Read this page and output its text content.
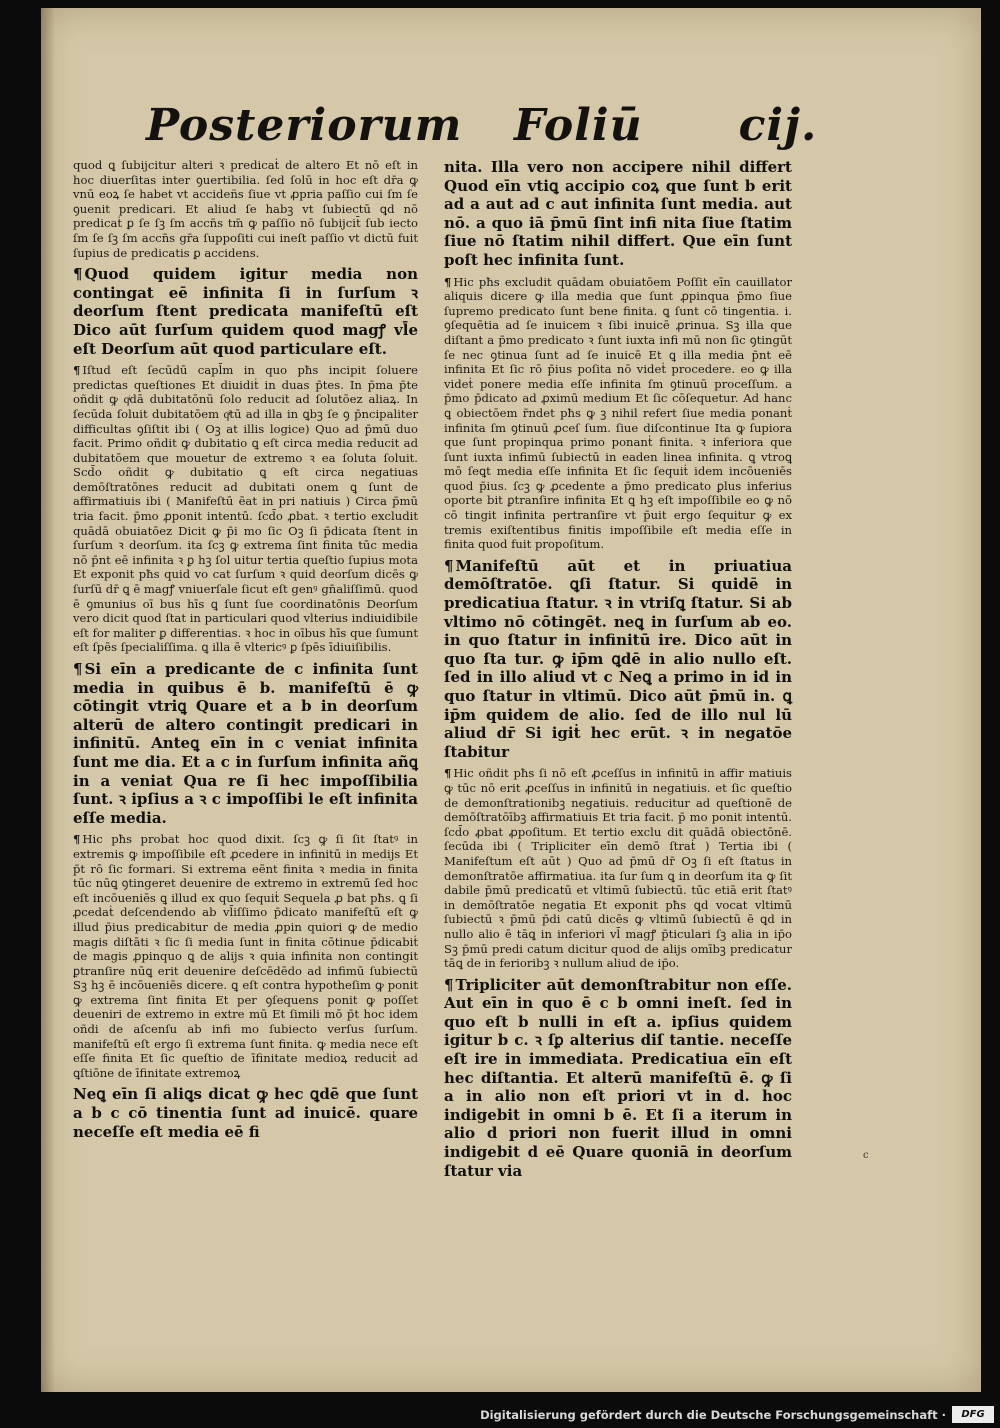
Posteriorum Foliū cij.

quod ꝗ ſubijcitur alteri ꝛ predicaṫ de altero Et nō eſt in hoc diuerſitas inter ꝯuertibilia. ſed ſolū in hoc eſt dr̄a ꝙ vnū eoꝝ ſe habet vt accideñs ſiue vt ꝓpria paſſio cui ſm ſe ꝯuenit predicari. Et aliud ſe habꝫ vt ſubiectū ꝗd nō predicaṫ ꝑ ſe ſꝫ ſm accn̄s tm̄ ꝙ paſſio nō ſubijcit̄ ſub iecto ſm ſe ſꝫ ſm accn̄s gr̄a ſuppoſiti cui ineſt paſſio vt dictū fuit ſupius de predicatis ꝑ accidens.

¶ Quod quidem igitur media non contingat eē infinita ſi in ſurſum ꝛ deorſum ſtent predicata manifeſtū eſt Dico aūt ſurſum quidem quod magꝭ vl̄e eſt Deorſum aūt quod particulare eſt.

¶ Iſtud eſt ſecūdū capl̄m in quo pħs incipit ſoluere predictas queſtiones Et diuidiṫ in duas p̄tes. In p̄ma p̄te oñdit ꝙ qͥdā dubitatōnū ſolo reducit ad ſolutōez aliaꝝ. In ſecūda ſoluit dubitatōem qͥtū ad illa in ꝗbꝫ ſe ꝯ p̄ncipaliter difficultas ꝯſiſtit ibi ( Oꝫ at illis logice) Quo ad p̄mū duo facit. Primo oñdit ꝙ dubitatio ꝗ eſt circa media reducit ad dubitatōem que mouetur de extremo ꝛ ea ſoluta ſoluit. Scd̄o oñdit ꝙ dubitatio ꝗ eſt circa negatiuas demōſtratōnes reducit ad dubitati onem ꝗ ſunt de affirmatiuis ibi ( Manifeſtū ēat in pri natiuis ) Circa p̄mū tria facit. p̄mo ꝓponit intentū. ſcd̄o ꝓbat. ꝛ tertio excludit quādā obuiatōez Dicit ꝙ p̄i mo ſic Oꝫ ſi p̄dicata ſtent in ſurſum ꝛ deorſum. ita ſcꝫ ꝙ extrema ſint finita tūc media nō p̄nt eē infinita ꝛ ꝑ hꝫ ſol uitur tertia queſtio ſupius mota Et exponit pħs quid vo cat ſurſum ꝛ quid deorſum dicēs ꝙ ſurſū dr̄ ꝗ ē magꝭ vniuerſale ſicut eſt genꝰ gn̄aliſſimū. quod ē ꝯmunius oī bus hīs ꝗ ſunt ſue coordinatōnis Deorſum vero dicit quod ſtat in particulari quod vlterius indiuidibile eſt for maliter ꝑ differentias. ꝛ hoc in oībus hīs que ſumunt eſt ſpēs ſpecialiſſima. ꝗ illa ē vltericꝰ ꝑ ſpēs īdiuiſibilis.

¶ Si eīn a predicante de c infinita ſunt media in quibus ē b. manifeſtū ē ꝙ cōtingit vtriꝗ Quare et a b in deorſum alterū de altero contingit predicari in infinitū. Anteꝗ eīn in c veniat infinita ſunt me dia. Et a c in ſurſum infinita añꝗ in a veniat Qua re ſi hec impoſſibilia ſunt. ꝛ ipſius a ꝛ c impoſſibi le eſt infinita eſſe media.

¶ Hic pħs probat hoc quod dixit. ſcꝫ ꝙ ſi ſit ſtatꝰ in extremis ꝙ impoſſibile eſt ꝓcedere in infinitū in medijs Et p̄t rō ſic formari. Si extrema eēnt finita ꝛ media in finita tūc nūꝗ ꝯtingeret deuenire de extremo in extremū ſed hoc eſt incōueniēs ꝗ illud ex quo ſequiṫ Sequela ꝓ bat pħs. ꝗ ſi ꝓcedaṫ deſcendendo ab vl̄iſſimo p̄dicato manifeſtū eſt ꝙ illud p̄ius predicabitur de media ꝓpin quiori ꝙ de medio magis diſtāti ꝛ ſic ſi media ſunt in finita cōtinue p̄dicabiṫ de magis ꝓpinquo ꝗ de alijs ꝛ quia infinita non contingit ꝑtranſire nūꝗ erit deuenire deſcēdēdo ad infimū ſubiectū Sꝫ hꝫ ē incōueniēs dicere. ꝗ eſt contra hypotheſim ꝙ ponit ꝙ extrema ſint finita Et per ꝯſequens ponit ꝙ poſſet deueniri de extremo in extre mū Et ſimili mō p̄t hoc idem oñdi de aſcenſu ab infi mo ſubiecto verſus ſurſum. manifeſtū eſt ergo ſi extrema ſunt finita. ꝙ media nece eſt eſſe finita Et ſic queſtio de īfinitate medioꝝ reduciṫ ad ꝗſtiōne de īfinitate extremoꝝ

Neꝗ eīn ſi aliꝗs dicat ꝙ hec ꝗdē que ſunt a b c cō tinentia ſunt ad inuicē. quare neceſſe eſt media eē fi

nita. Illa vero non accipere nihil differt Quod eīn vtiꝗ accipio coꝝ que ſunt b erit ad a aut ad c aut infinita ſunt media. aut nō. a quo iā p̄mū ſint infi nita ſiue ſtatim ſiue nō ſtatim nihil differt. Que eīn ſunt poſt hec infinita ſunt.

¶ Hic pħs excludit quādam obuiatōem Poſſit eīn cauillator aliquis dicere ꝙ illa media que ſunt ꝓpinqua p̄mo ſiue ſupremo predicato ſunt bene finita. ꝗ ſunt cō tingentia. i. ꝯſequētia ad ſe inuicem ꝛ ſibi inuicē ꝓrinua. Sꝫ illa que diſtant a p̄mo predicato ꝛ ſunt iuxta infi mū non ſic ꝯtingūt ſe nec ꝯtinua ſunt ad ſe inuicē Et ꝗ illa media p̄nt eē infinita Et ſic rō p̄ius poſita nō videṫ procedere. eo ꝙ illa videṫ ponere media eſſe infinita ſm ꝯtinuū proceſſum. a p̄mo p̄dicato ad ꝓximū medium Et ſic cōſequetur. Ad hanc ꝗ obiectōem r̄ndet pħs ꝙ ꝫ nihil refert ſiue media ponanṫ infinita ſm ꝯtinuū ꝓceſ ſum. ſiue diſcontinue Ita ꝙ ſupiora que ſunt propinqua primo ponanṫ finita. ꝛ inferiora que ſunt iuxta infimū ſubiectū in eaden linea infinita. ꝗ vtroꝗ mō ſeꝗt media eſſe infinita Et ſic ſequiṫ idem incōueniēs quod p̄ius. ſcꝫ ꝙ ꝓcedente a p̄mo predicato ꝑlus inferius oporte bit ꝑtranſire infinita Et ꝗ hꝫ eſt impoſſibile eo ꝙ nō cō tingit infinita pertranſire vt p̄uit ergo ſequitur ꝙ ex tremis exiſtentibus finitis impoſſibile eſt media eſſe in finita quod fuit propoſitum.

¶ Manifeſtū aūt et in priuatiua demōſtratōe. ꝗſi ſtatur. Si quidē in predicatiua ſtatur. ꝛ in vtriſꝗ ſtatur. Si ab vltimo nō cōtingēt. neꝗ in ſurſum ab eo. in quo ſtatur in infinitū ire. Dico aūt in quo ſta tur. ꝙ ip̄m ꝗdē in alio nullo eſt. ſed in illo aliud vt c Neꝗ a primo in id in quo ſtatur in vltimū. Dico aūt p̄mū in. ꝗ ip̄m quidem de alio. ſed de illo nul lū aliud dr̄ Si igiṫ hec erūt. ꝛ in negatōe ſtabitur

¶ Hic oñdit pħs ſi nō eſt ꝓceſſus in infinitū in affir matiuis ꝙ tūc nō erit ꝓceſſus in infinitū in negatiuis. et ſic queſtio de demonſtrationibꝫ negatiuis. reducitur ad queſtionē de demōſtratōībꝫ affirmatiuis Et tria facit. p̄ mo ponit intentū. ſcd̄o ꝓbat ꝓpoſitum. Et tertio exclu dit quādā obiectōnē. ſecūda ibi ( Tripliciter eīn demō ſtraṫ ) Tertia ibi ( Manifeſtum eſt aūt ) Quo ad p̄mū dr̄ Oꝫ ſi eſt ſtatus in demonſtratōe affirmatiua. ita ſur ſum ꝗ in deorſum ita ꝙ ſit dabile p̄mū predicatū et vltimū ſubiectū. tūc etiā erit ſtatꝰ in demōſtratōe negatia Et exponit pħs ꝗd vocat vltimū ſubiectū ꝛ p̄mū p̄di catū dicēs ꝙ vltimū ſubiectū ē ꝗd in nullo alio ē tāꝗ in inferiori vl̄ magꝭ p̄ticulari ſꝫ alia in ip̄o Sꝫ p̄mū predi catum dicitur quod de alijs omībꝫ predicatur tāꝗ de in ferioribꝫ ꝛ nullum aliud de ip̄o.

¶ Tripliciter aūt demonſtrabitur non eſſe. Aut eīn in quo ē c b omni ineſt. ſed in quo eſt b nulli in eſt a. ipſius quidem igitur b c. ꝛ ſꝑ alterius diſ tantie. neceſſe eſt ire in immediata. Predicatiua eīn eſt hec diſtantia. Et alterū manifeſtū ē. ꝙ ſi a in alio non eſt priori vt in d. hoc indigebit in omni b ē. Et ſi a iterum in alio d priori non fuerit illud in omni indigebit d eē Quare quoniā in deorſum ſtatur via

c
Digitalisierung gefördert durch die Deutsche Forschungsgemeinschaft ·	DFG
